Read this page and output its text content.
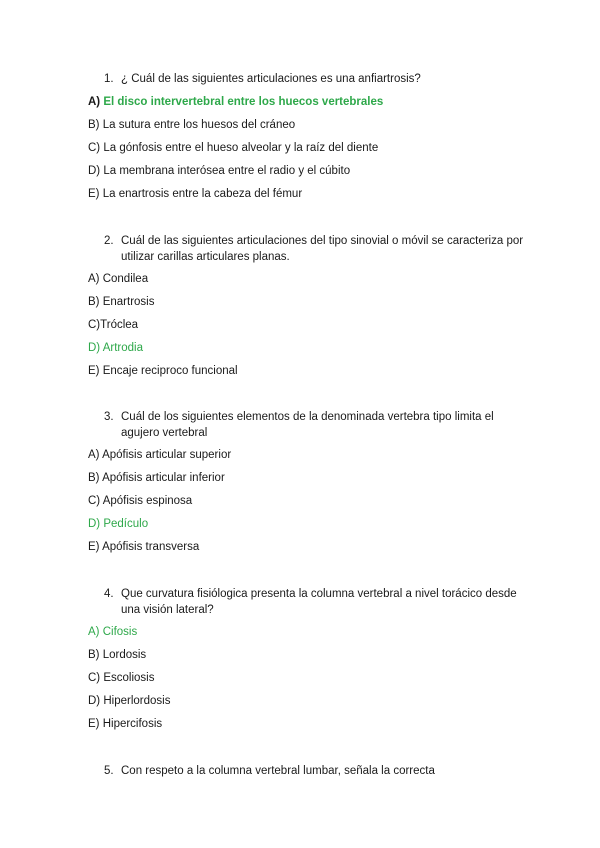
1. ¿ Cuál de las siguientes articulaciones es una anfiartrosis?
A) El disco intervertebral entre los huecos vertebrales
B) La sutura entre los huesos del cráneo
C) La gónfosis entre el hueso alveolar y la raíz del diente
D) La membrana interósea entre el radio y el cúbito
E) La enartrosis entre la cabeza del fémur
2. Cuál de las siguientes articulaciones del tipo sinovial o móvil se caracteriza por utilizar carillas articulares planas.
A) Condilea
B) Enartrosis
C)Tróclea
D) Artrodia
E) Encaje reciproco funcional
3. Cuál de los siguientes elementos de la denominada vertebra tipo limita el agujero vertebral
A) Apófisis articular superior
B) Apófisis articular inferior
C) Apófisis espinosa
D) Pedículo
E) Apófisis transversa
4. Que curvatura fisiólogica presenta la columna vertebral a nivel torácico desde una visión lateral?
A) Cifosis
B) Lordosis
C) Escoliosis
D) Hiperlordosis
E) Hipercifosis
5. Con respeto a la columna vertebral lumbar, señala la correcta
